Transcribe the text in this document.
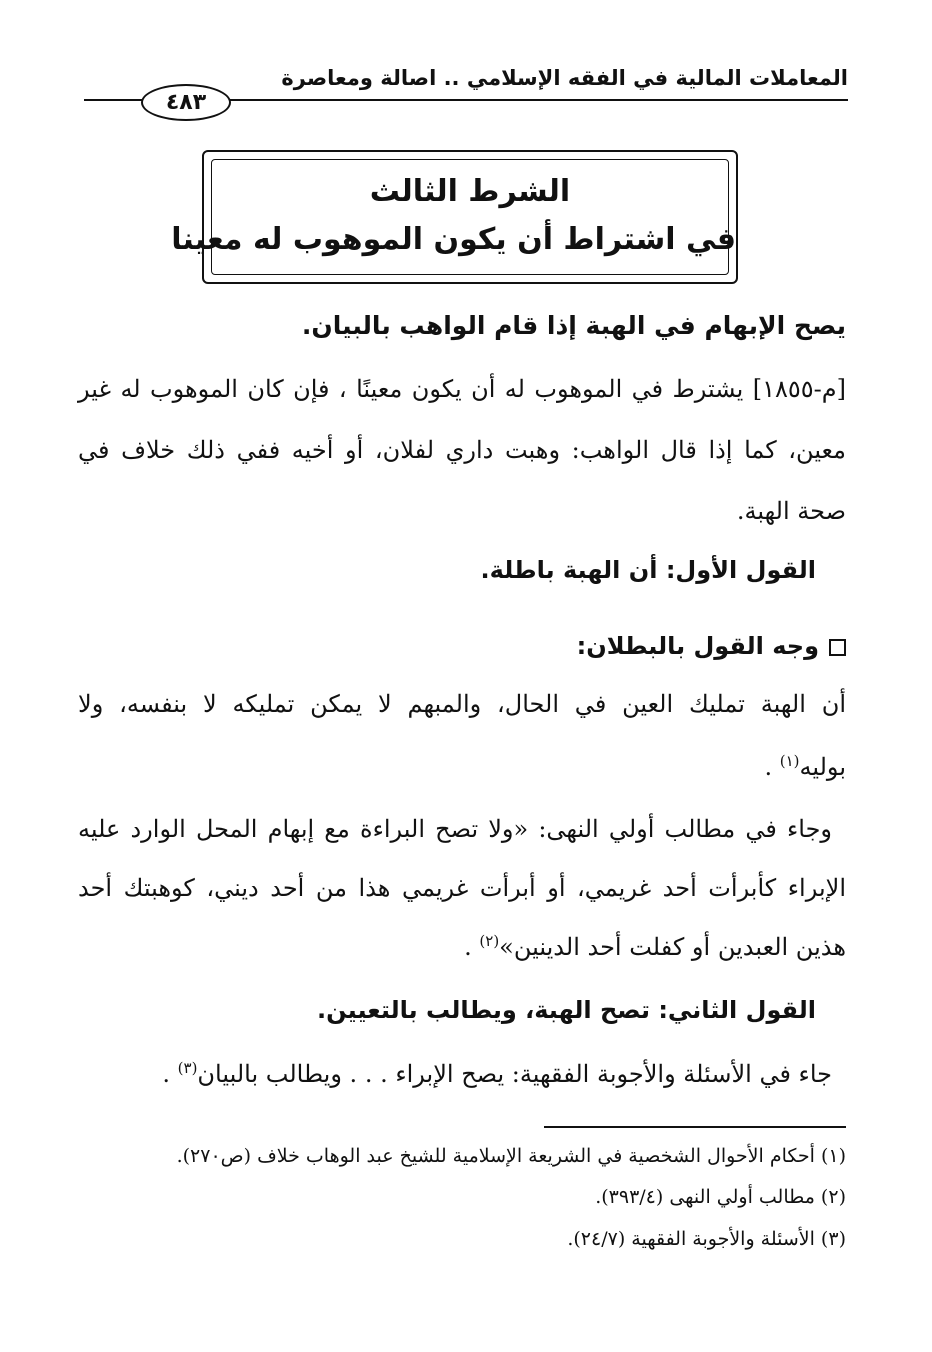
المعاملات المالية في الفقه الإسلامي .. اصالة ومعاصرة
٤٨٣
الشرط الثالث
في اشتراط أن يكون الموهوب له معينا
يصح الإبهام في الهبة إذا قام الواهب بالبيان.
[م-١٨٥٥] يشترط في الموهوب له أن يكون معينًا ، فإن كان الموهوب له غير
معين، كما إذا قال الواهب: وهبت داري لفلان، أو أخيه ففي ذلك خلاف في
صحة الهبة.
القول الأول: أن الهبة باطلة.
وجه القول بالبطلان:
أن الهبة تمليك العين في الحال، والمبهم لا يمكن تمليكه لا بنفسه، ولا
بوليه$^{(١)}$ .
وجاء في مطالب أولي النهى: «ولا تصح البراءة مع إبهام المحل الوارد عليه
الإبراء كأبرأت أحد غريمي، أو أبرأت غريمي هذا من أحد ديني، كوهبتك أحد
هذين العبدين أو كفلت أحد الدينين»$^{(٢)}$ .
القول الثاني: تصح الهبة، ويطالب بالتعيين.
جاء في الأسئلة والأجوبة الفقهية: يصح الإبراء . . . ويطالب بالبيان$^{(٣)}$ .
(١) أحكام الأحوال الشخصية في الشريعة الإسلامية للشيخ عبد الوهاب خلاف (ص٢٧٠).
(٢) مطالب أولي النهى (٣٩٣/٤).
(٣) الأسئلة والأجوبة الفقهية (٢٤/٧).
